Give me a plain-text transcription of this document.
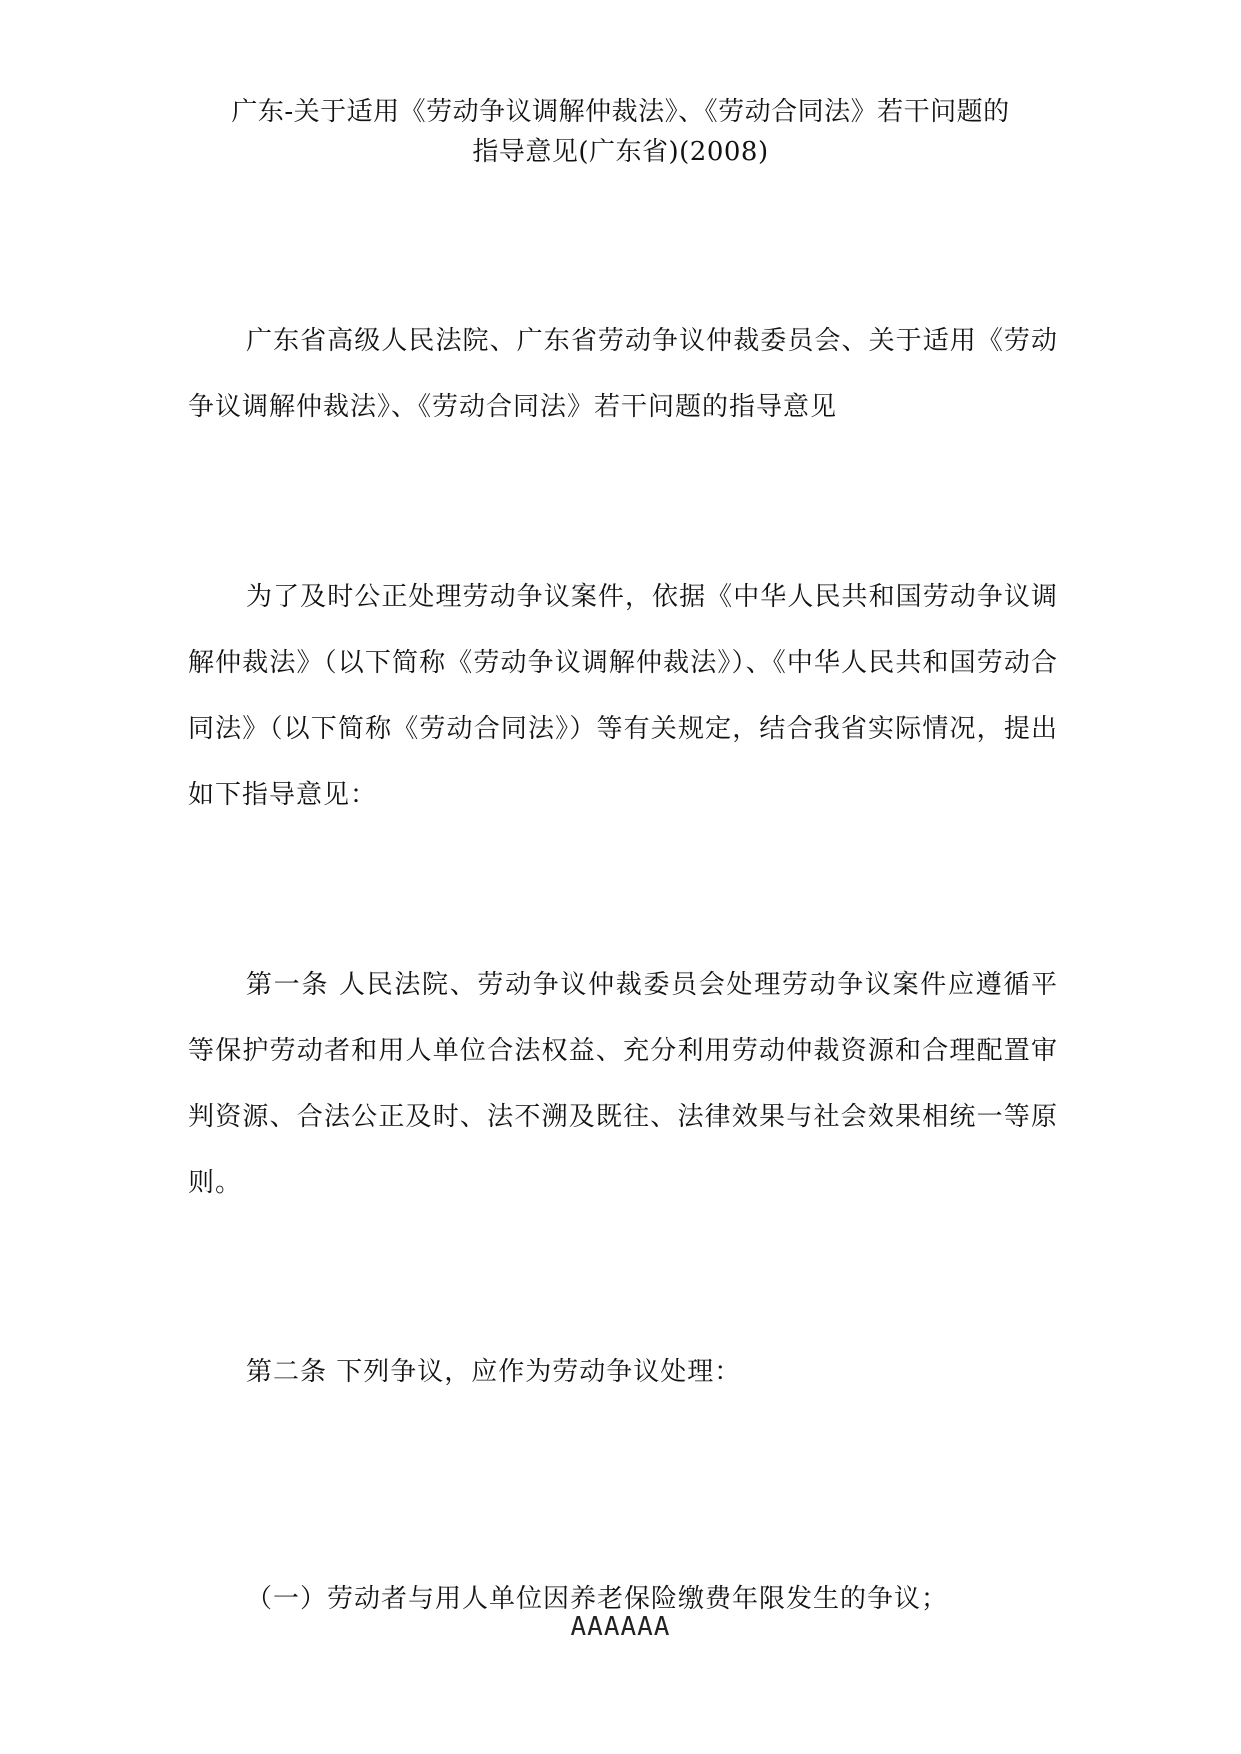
广东-关于适用《劳动争议调解仲裁法》、《劳动合同法》若干问题的
指导意见(广东省)(2008)
广东省高级人民法院、广东省劳动争议仲裁委员会、关于适用《劳动争议调解仲裁法》、《劳动合同法》若干问题的指导意见
为了及时公正处理劳动争议案件，依据《中华人民共和国劳动争议调解仲裁法》（以下简称《劳动争议调解仲裁法》）、《中华人民共和国劳动合同法》（以下简称《劳动合同法》）等有关规定，结合我省实际情况，提出如下指导意见：
第一条 人民法院、劳动争议仲裁委员会处理劳动争议案件应遵循平等保护劳动者和用人单位合法权益、充分利用劳动仲裁资源和合理配置审判资源、合法公正及时、法不溯及既往、法律效果与社会效果相统一等原则。
第二条 下列争议，应作为劳动争议处理：
（一）劳动者与用人单位因养老保险缴费年限发生的争议；
AAAAAA
